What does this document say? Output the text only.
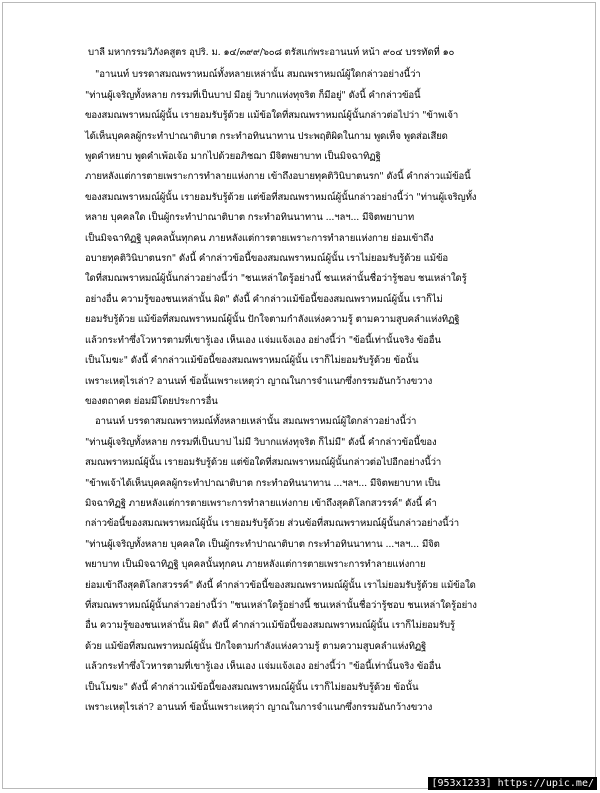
บาลี มหากรรมวิภังคสูตร อุปริ. ม. ๑๔/๓๙๙/๖๐๘ ตรัสแก่พระอานนท์ หน้า ๙๐๔ บรรทัดที่ ๑๐
"อานนท์ บรรดาสมณพราหมณ์ทั้งหลายเหล่านั้น สมณพราหมณ์ผู้ใดกล่าวอย่างนี้ว่า
"ท่านผู้เจริญทั้งหลาย กรรมที่เป็นบาป มีอยู่ วิบากแห่งทุจริต ก็มีอยู่" ดังนี้ คำกล่าวข้อนี้
ของสมณพราหมณ์ผู้นั้น เรายอมรับรู้ด้วย แม้ข้อใดที่สมณพราหมณ์ผู้นั้นกล่าวต่อไปว่า "ข้าพเจ้า
ได้เห็นบุคคลผู้กระทำปาณาติบาต กระทำอทินนาทาน ประพฤติผิดในกาม พูดเท็จ พูดส่อเสียด
พูดคำหยาบ พูดคำเพ้อเจ้อ มากไปด้วยอภิชฌา มีจิตพยาบาท เป็นมิจฉาทิฏฐิ
ภายหลังแต่การตายเพราะการทำลายแห่งกาย เข้าถึงอบายทุคติวินิบาตนรก" ดังนี้ คำกล่าวแม้ข้อนี้
ของสมณพราหมณ์ผู้นั้น เรายอมรับรู้ด้วย แต่ข้อที่สมณพราหมณ์ผู้นั้นกล่าวอย่างนี้ว่า "ท่านผู้เจริญทั้ง
หลาย บุคคลใด เป็นผู้กระทำปาณาติบาต กระทำอทินนาทาน ...ฯลฯ... มีจิตพยาบาท
เป็นมิจฉาทิฏฐิ บุคคลนั้นทุกคน ภายหลังแต่การตายเพราะการทำลายแห่งกาย ย่อมเข้าถึง
อบายทุคติวินิบาตนรก" ดังนี้ คำกล่าวข้อนี้ของสมณพราหมณ์ผู้นั้น เราไม่ยอมรับรู้ด้วย แม้ข้อ
ใดที่สมณพราหมณ์ผู้นั้นกล่าวอย่างนี้ว่า "ชนเหล่าใดรู้อย่างนี้ ชนเหล่านั้นชื่อว่ารู้ชอบ ชนเหล่าใดรู้
อย่างอื่น ความรู้ของชนเหล่านั้น ผิด" ดังนี้ คำกล่าวแม้ข้อนี้ของสมณพราหมณ์ผู้นั้น เราก็ไม่
ยอมรับรู้ด้วย แม้ข้อที่สมณพราหมณ์ผู้นั้น ปักใจตามกำลังแห่งความรู้ ตามความสูบคลำแห่งทิฏฐิ
แล้วกระทำซึ่งโวหารตามที่เขารู้เอง เห็นเอง แจ่มแจ้งเอง อย่างนี้ว่า "ข้อนี้เท่านั้นจริง ข้ออื่น
เป็นโมฆะ" ดังนี้ คำกล่าวแม้ข้อนี้ของสมณพราหมณ์ผู้นั้น เราก็ไม่ยอมรับรู้ด้วย ข้อนั้น
เพราะเหตุไรเล่า? อานนท์ ข้อนั้นเพราะเหตุว่า ญาณในการจำแนกซึ่งกรรมอันกว้างขวาง
ของตถาคต ย่อมมีโดยประการอื่น
อานนท์ บรรดาสมณพราหมณ์ทั้งหลายเหล่านั้น สมณพราหมณ์ผู้ใดกล่าวอย่างนี้ว่า
"ท่านผู้เจริญทั้งหลาย กรรมที่เป็นบาป ไม่มี วิบากแห่งทุจริต ก็ไม่มี" ดังนี้ คำกล่าวข้อนี้ของ
สมณพราหมณ์ผู้นั้น เรายอมรับรู้ด้วย แต่ข้อใดที่สมณพราหมณ์ผู้นั้นกล่าวต่อไปอีกอย่างนี้ว่า
"ข้าพเจ้าได้เห็นบุคคลผู้กระทำปาณาติบาต กระทำอทินนาทาน ...ฯลฯ... มีจิตพยาบาท เป็น
มิจฉาทิฏฐิ ภายหลังแต่การตายเพราะการทำลายแห่งกาย เข้าถึงสุคติโลกสวรรค์" ดังนี้ คำ
กล่าวข้อนี้ของสมณพราหมณ์ผู้นั้น เรายอมรับรู้ด้วย ส่วนข้อที่สมณพราหมณ์ผู้นั้นกล่าวอย่างนี้ว่า
"ท่านผู้เจริญทั้งหลาย บุคคลใด เป็นผู้กระทำปาณาติบาต กระทำอทินนาทาน ...ฯลฯ... มีจิต
พยาบาท เป็นมิจฉาทิฏฐิ บุคคลนั้นทุกคน ภายหลังแต่การตายเพราะการทำลายแห่งกาย
ย่อมเข้าถึงสุคติโลกสวรรค์" ดังนี้ คำกล่าวข้อนี้ของสมณพราหมณ์ผู้นั้น เราไม่ยอมรับรู้ด้วย แม้ข้อใด
ที่สมณพราหมณ์ผู้นั้นกล่าวอย่างนี้ว่า "ชนเหล่าใดรู้อย่างนี้ ชนเหล่านั้นชื่อว่ารู้ชอบ ชนเหล่าใดรู้อย่าง
อื่น ความรู้ของชนเหล่านั้น ผิด" ดังนี้ คำกล่าวแม้ข้อนี้ของสมณพราหมณ์ผู้นั้น เราก็ไม่ยอมรับรู้
ด้วย แม้ข้อที่สมณพราหมณ์ผู้นั้น ปักใจตามกำลังแห่งความรู้ ตามความสูบคลำแห่งทิฏฐิ
แล้วกระทำซึ่งโวหารตามที่เขารู้เอง เห็นเอง แจ่มแจ้งเอง อย่างนี้ว่า "ข้อนี้เท่านั้นจริง ข้ออื่น
เป็นโมฆะ" ดังนี้ คำกล่าวแม้ข้อนี้ของสมณพราหมณ์ผู้นั้น เราก็ไม่ยอมรับรู้ด้วย ข้อนั้น
เพราะเหตุไรเล่า? อานนท์ ข้อนั้นเพราะเหตุว่า ญาณในการจำแนกซึ่งกรรมอันกว้างขวาง
[953x1233] https://upic.me/
